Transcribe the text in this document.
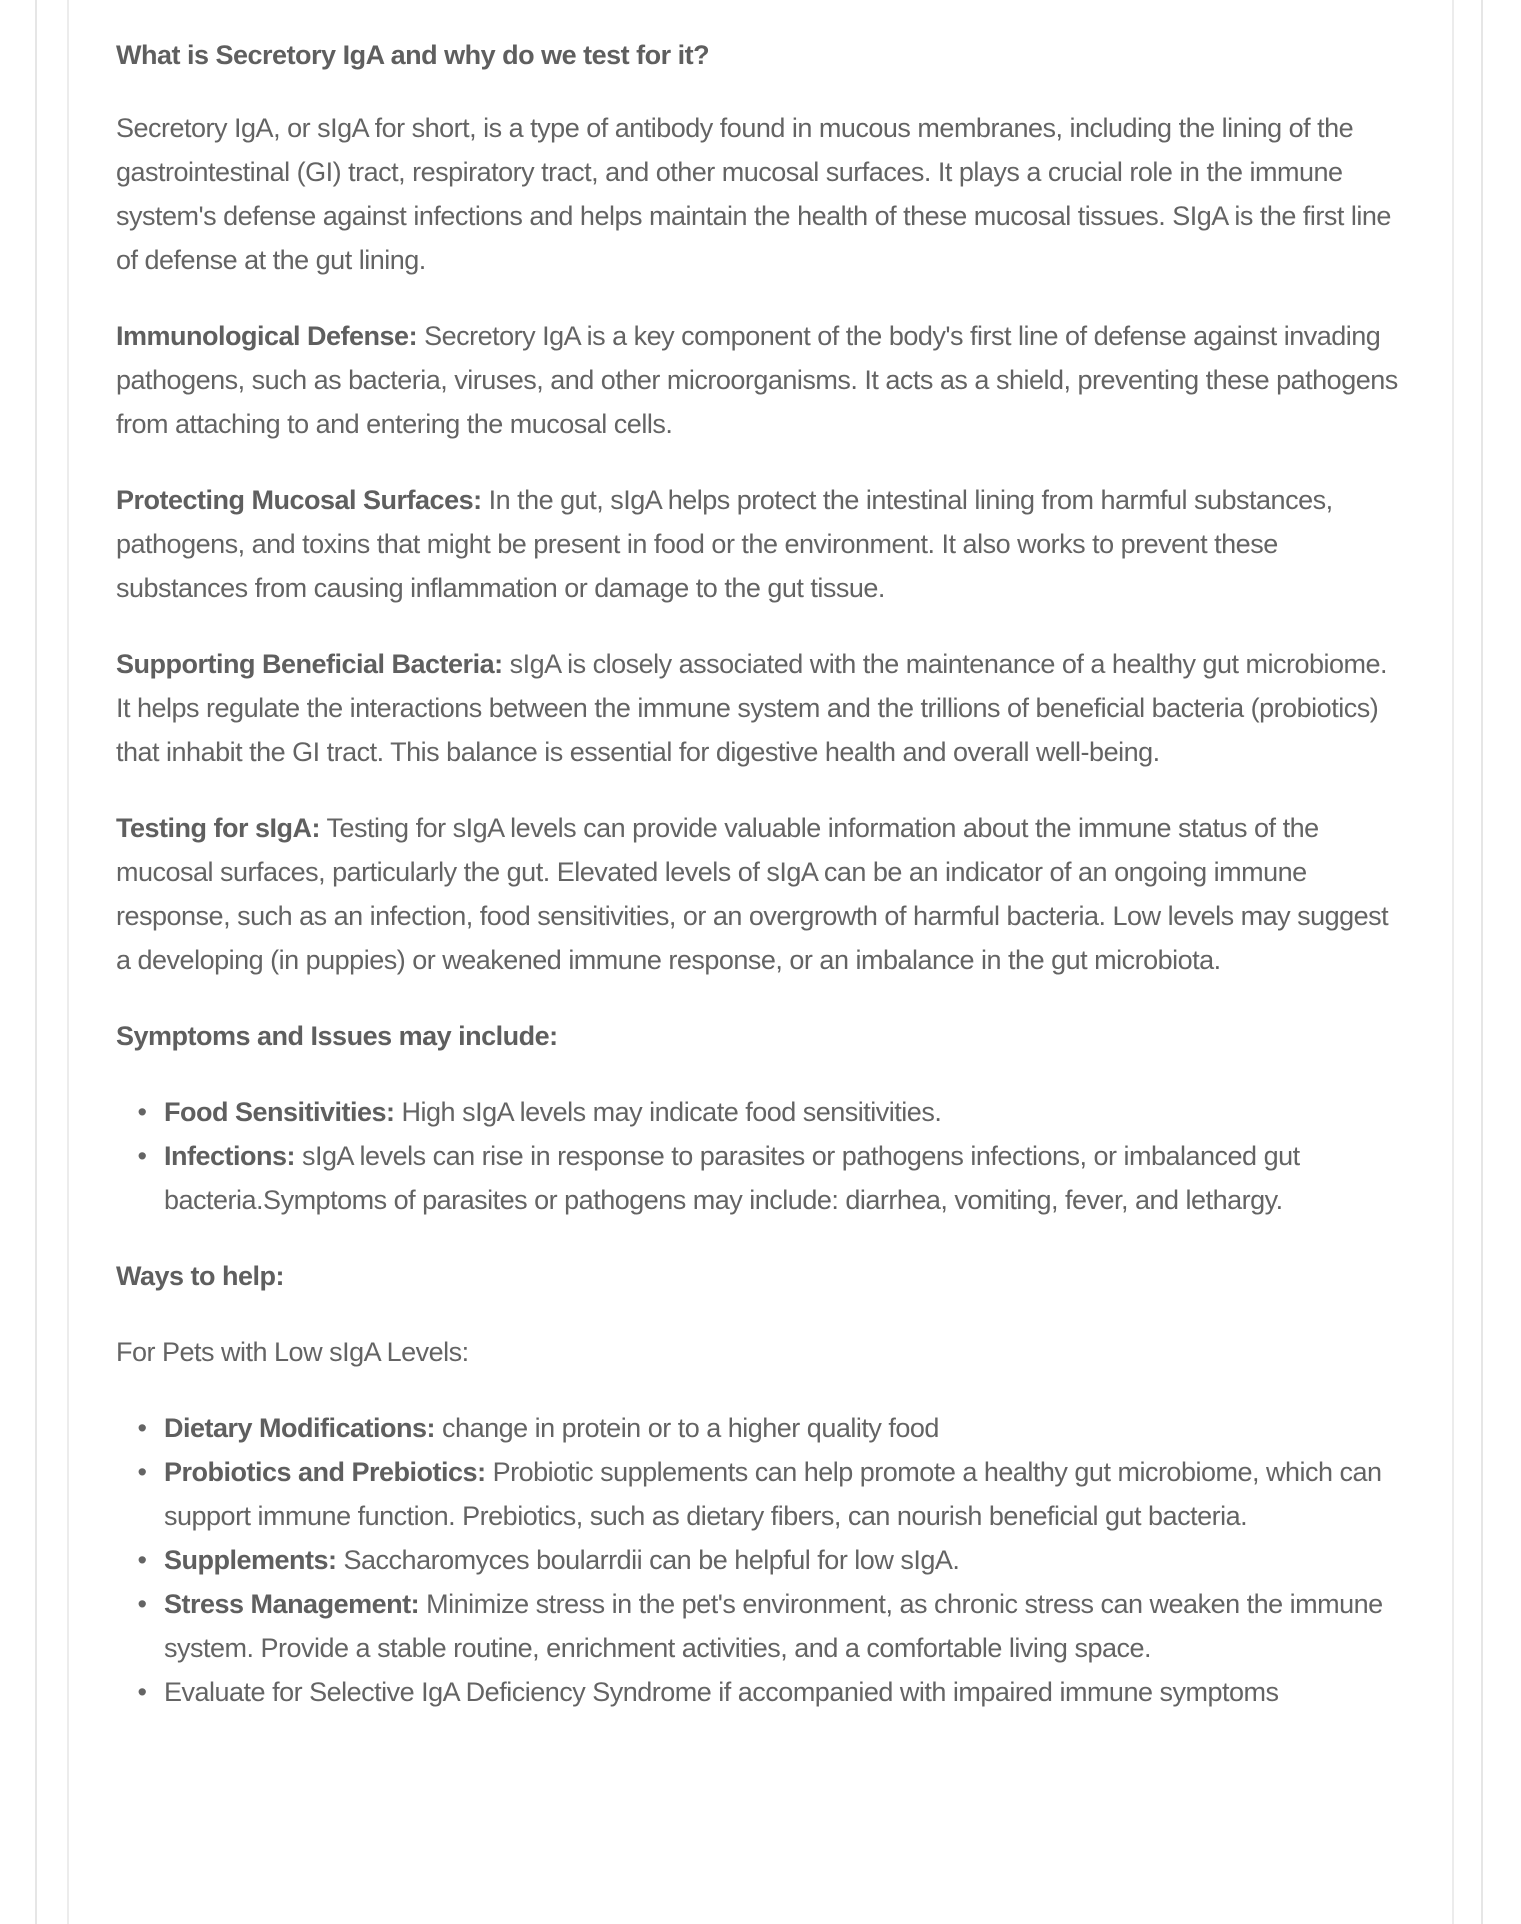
What is Secretory IgA and why do we test for it?

Secretory IgA, or sIgA for short, is a type of antibody found in mucous membranes, including the lining of the gastrointestinal (GI) tract, respiratory tract, and other mucosal surfaces. It plays a crucial role in the immune system's defense against infections and helps maintain the health of these mucosal tissues. SIgA is the first line of defense at the gut lining.

Immunological Defense: Secretory IgA is a key component of the body's first line of defense against invading pathogens, such as bacteria, viruses, and other microorganisms. It acts as a shield, preventing these pathogens from attaching to and entering the mucosal cells.

Protecting Mucosal Surfaces: In the gut, sIgA helps protect the intestinal lining from harmful substances, pathogens, and toxins that might be present in food or the environment. It also works to prevent these substances from causing inflammation or damage to the gut tissue.

Supporting Beneficial Bacteria: sIgA is closely associated with the maintenance of a healthy gut microbiome. It helps regulate the interactions between the immune system and the trillions of beneficial bacteria (probiotics) that inhabit the GI tract. This balance is essential for digestive health and overall well-being.

Testing for sIgA: Testing for sIgA levels can provide valuable information about the immune status of the mucosal surfaces, particularly the gut. Elevated levels of sIgA can be an indicator of an ongoing immune response, such as an infection, food sensitivities, or an overgrowth of harmful bacteria. Low levels may suggest a developing (in puppies) or weakened immune response, or an imbalance in the gut microbiota.

Symptoms and Issues may include:

• Food Sensitivities: High sIgA levels may indicate food sensitivities.
• Infections: sIgA levels can rise in response to parasites or pathogens infections, or imbalanced gut bacteria.Symptoms of parasites or pathogens may include: diarrhea, vomiting, fever, and lethargy.

Ways to help:

For Pets with Low sIgA Levels:

• Dietary Modifications: change in protein or to a higher quality food
• Probiotics and Prebiotics: Probiotic supplements can help promote a healthy gut microbiome, which can support immune function. Prebiotics, such as dietary fibers, can nourish beneficial gut bacteria.
• Supplements: Saccharomyces boularrdii can be helpful for low sIgA.
• Stress Management: Minimize stress in the pet's environment, as chronic stress can weaken the immune system. Provide a stable routine, enrichment activities, and a comfortable living space.
• Evaluate for Selective IgA Deficiency Syndrome if accompanied with impaired immune symptoms
